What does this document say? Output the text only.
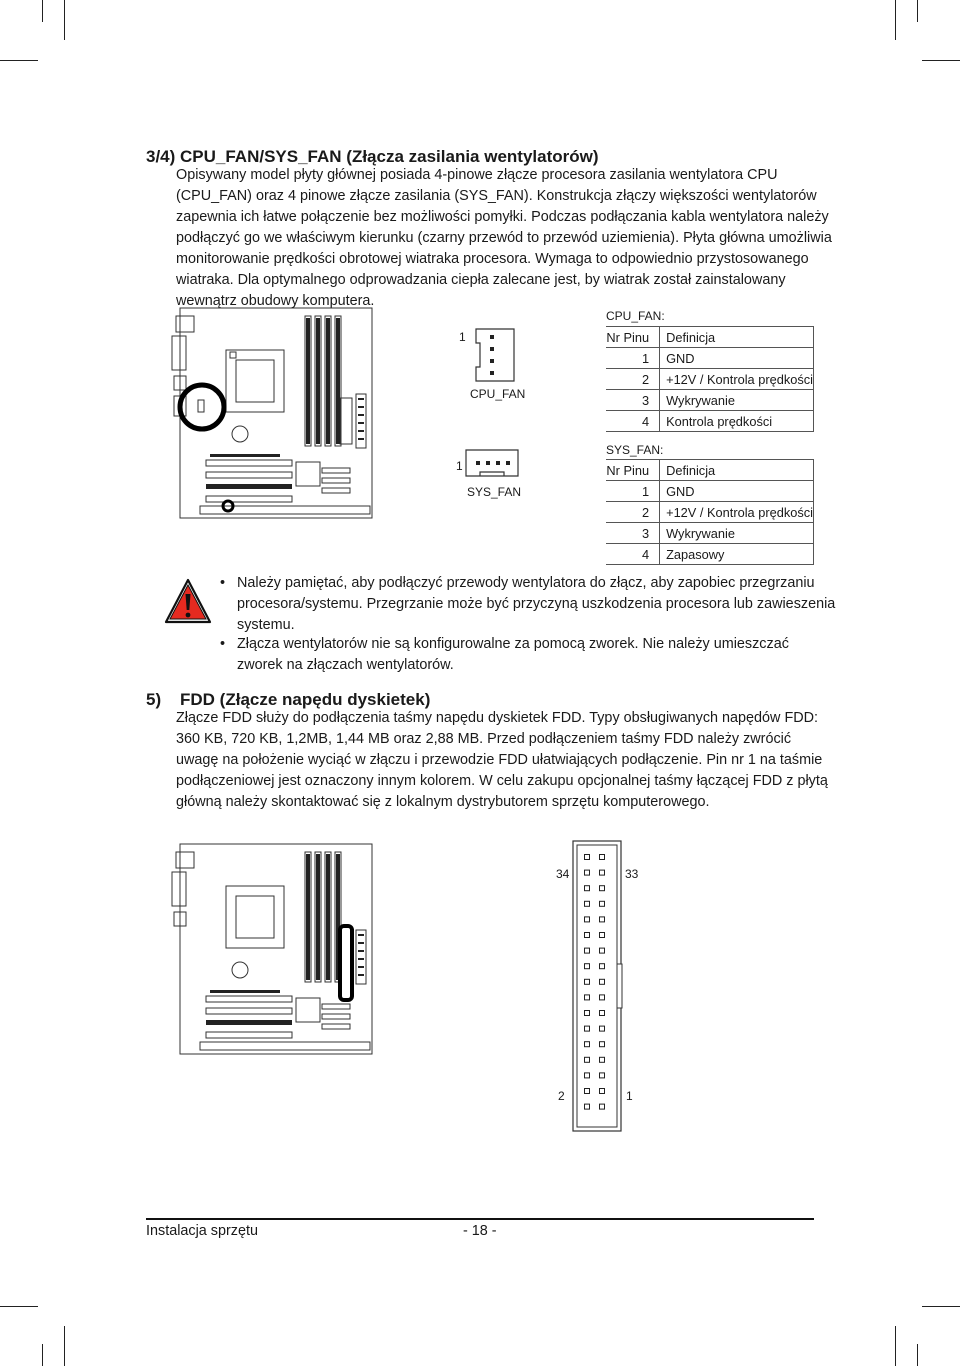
3/4) CPU_FAN/SYS_FAN (Złącza zasilania wentylatorów)
Opisywany model płyty głównej posiada 4-pinowe złącze procesora zasilania wentylatora CPU
(CPU_FAN) oraz 4 pinowe złącze zasilania (SYS_FAN). Konstrukcja złączy większości wentylatorów
zapewnia ich łatwe połączenie bez możliwości pomyłki. Podczas podłączania kabla wentylatora należy
podłączyć go we właściwym kierunku (czarny przewód to przewód uziemienia). Płyta główna umożliwia
monitorowanie prędkości obrotowej wiatraka procesora. Wymaga to odpowiednio przystosowanego
wiatraka. Dla optymalnego odprowadzania ciepła zalecane jest, by wiatrak został zainstalowany
wewnątrz obudowy komputera.
1
CPU_FAN
1
SYS_FAN
CPU_FAN:
Nr Pinu	Definicja
1	GND
2	+12V / Kontrola prędkości
3	Wykrywanie
4	Kontrola prędkości
SYS_FAN:
Nr Pinu	Definicja
1	GND
2	+12V / Kontrola prędkości
3	Wykrywanie
4	Zapasowy
• Należy pamiętać, aby podłączyć przewody wentylatora do złącz, aby zapobiec przegrzaniu
procesora/systemu. Przegrzanie może być przyczyną uszkodzenia procesora lub zawieszenia
systemu.
• Złącza wentylatorów nie są konfigurowalne za pomocą zworek. Nie należy umieszczać
zworek na złączach wentylatorów.
5)    FDD (Złącze napędu dyskietek)
Złącze FDD służy do podłączenia taśmy napędu dyskietek FDD. Typy obsługiwanych napędów FDD:
360 KB, 720 KB, 1,2MB, 1,44 MB oraz 2,88 MB. Przed podłączeniem taśmy FDD należy zwrócić
uwagę na położenie wyciąć w złączu i przewodzie FDD ułatwiających podłączenie. Pin nr 1 na taśmie
podłączeniowej jest oznaczony innym kolorem. W celu zakupu opcjonalnej taśmy łączącej FDD z płytą
główną należy skontaktować się z lokalnym dystrybutorem sprzętu komputerowego.
34	33
2	1
Instalacja sprzętu	- 18 -
